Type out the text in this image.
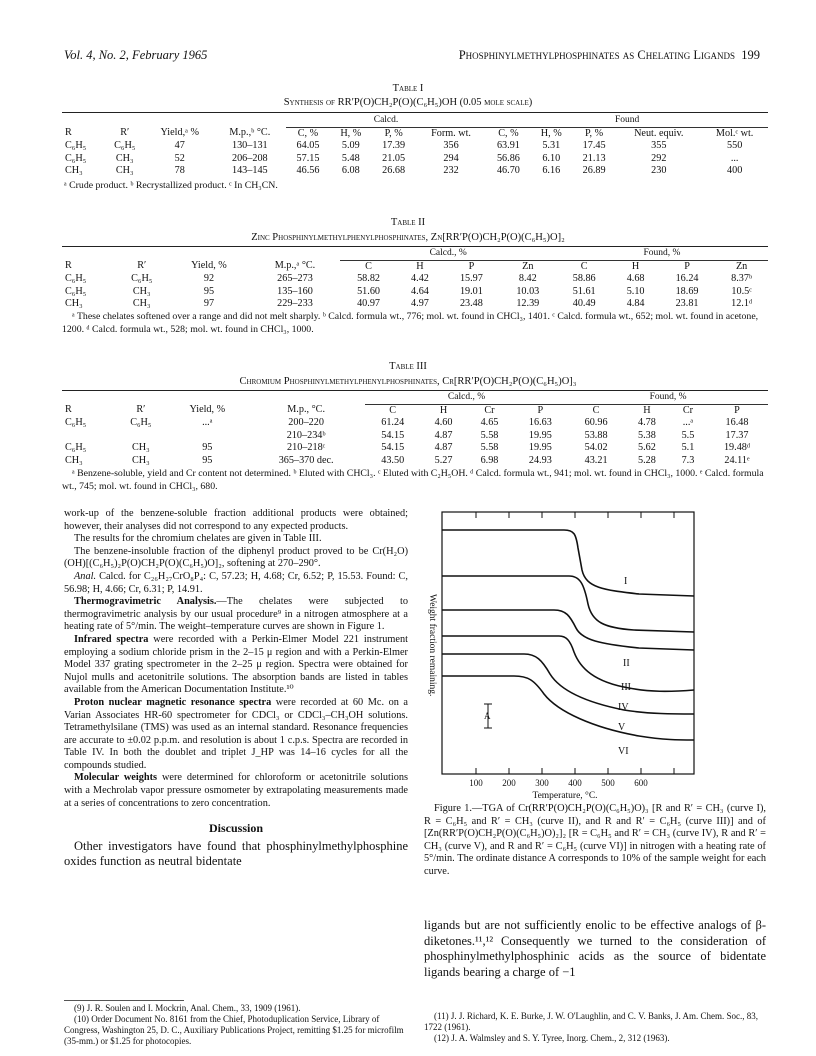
Vol. 4, No. 2, February 1965	Phosphinylmethylphosphinates as Chelating Ligands 199
Table I
Synthesis of RR′P(O)CH₂P(O)(C₆H₅)OH (0.05 mole scale)
				Calcd.				Found				
R	R′	Yield,ᵃ %	M.p.,ᵇ °C.	C, %	H, %	P, %	Form. wt.	C, %	H, %	P, %	Neut. equiv.	Mol.ᶜ wt.
C₆H₅	C₆H₅	47	130–131	64.05	5.09	17.39	356	63.91	5.31	17.45	355	550
C₆H₅	CH₃	52	206–208	57.15	5.48	21.05	294	56.86	6.10	21.13	292	...
CH₃	CH₃	78	143–145	46.56	6.08	26.68	232	46.70	6.16	26.89	230	400
ᵃ Crude product. ᵇ Recrystallized product. ᶜ In CH₃CN.
Table II
Zinc Phosphinylmethylphenylphosphinates, Zn[RR′P(O)CH₂P(O)(C₆H₅)O]₂
				Calcd., %				Found, %			
R	R′	Yield, %	M.p.,ᵃ °C.	C	H	P	Zn	C	H	P	Zn
C₆H₅	C₆H₅	92	265–273	58.82	4.42	15.97	8.42	58.86	4.68	16.24	8.37ᵇ
C₆H₅	CH₃	95	135–160	51.60	4.64	19.01	10.03	51.61	5.10	18.69	10.5ᶜ
CH₃	CH₃	97	229–233	40.97	4.97	23.48	12.39	40.49	4.84	23.81	12.1ᵈ
ᵃ These chelates softened over a range and did not melt sharply. ᵇ Calcd. formula wt., 776; mol. wt. found in CHCl₃, 1401. ᶜ Calcd. formula wt., 652; mol. wt. found in acetone, 1200. ᵈ Calcd. formula wt., 528; mol. wt. found in CHCl₃, 1000.
Table III
Chromium Phosphinylmethylphenylphosphinates, Cr[RR′P(O)CH₂P(O)(C₆H₅)O]₃
				Calcd., %				Found, %			
R	R′	Yield, %	M.p., °C.	C	H	Cr	P	C	H	Cr	P
C₆H₅	C₆H₅	...ᵃ	200–220	61.24	4.60	4.65	16.63	60.96	4.78	...ᵃ	16.48
			210–234ᵇ	54.15	4.87	5.58	19.95	53.88	5.38	5.5	17.37
C₆H₅	CH₃	95	210–218ᶜ	54.15	4.87	5.58	19.95	54.02	5.62	5.1	19.48ᵈ
CH₃	CH₃	95	365–370 dec.	43.50	5.27	6.98	24.93	43.21	5.28	7.3	24.11ᵉ
ᵃ Benzene-soluble, yield and Cr content not determined. ᵇ Eluted with CHCl₃. ᶜ Eluted with C₂H₅OH. ᵈ Calcd. formula wt., 941; mol. wt. found in CHCl₃, 1000. ᵉ Calcd. formula wt., 745; mol. wt. found in CHCl₃, 680.

work-up of the benzene-soluble fraction additional products were obtained; however, their analyses did not correspond to any expected products.

The results for the chromium chelates are given in Table III.

The benzene-insoluble fraction of the diphenyl product proved to be Cr(H₂O)(OH)[(C₆H₅)₂P(O)CH₂P(O)(C₆H₅)O]₂, softening at 270–290°.

Anal. Calcd. for C₂₆H₂₇CrO₈P₄: C, 57.23; H, 4.68; Cr, 6.52; P, 15.53. Found: C, 56.98; H, 4.66; Cr, 6.31; P, 14.91.

Thermogravimetric Analysis.—The chelates were subjected to thermogravimetric analysis by our usual procedure⁹ in a nitrogen atmosphere at a heating rate of 5°/min. The weight–temperature curves are shown in Figure 1.

Infrared spectra were recorded with a Perkin-Elmer Model 221 instrument employing a sodium chloride prism in the 2–15 μ region and with a Perkin-Elmer Model 337 grating spectrometer in the 2–25 μ region. Spectra were obtained for Nujol mulls and acetonitrile solutions. The absorption bands are listed in tables available from the American Documentation Institute.¹⁰

Proton nuclear magnetic resonance spectra were recorded at 60 Mc. on a Varian Associates HR-60 spectrometer for CDCl₃ or CDCl₃–CH₃OH solutions. Tetramethylsilane (TMS) was used as an internal standard. Resonance frequencies are accurate to ±0.02 p.p.m. and resolution is about 1 c.p.s. Spectra are recorded in Table IV. In both the doublet and triplet J_HP was 14–16 cycles for all the compounds studied.

Molecular weights were determined for chloroform or acetonitrile solutions with a Mechrolab vapor pressure osmometer by extrapolating measurements made at a series of concentrations to zero concentration.

Discussion

Other investigators have found that phosphinylmethylphosphine oxides function as neutral bidentate

I
II
III
IV
V
VI
A
Weight fraction remaining.
100 200 300 400 500 600
Temperature, °C.
Figure 1.—TGA of Cr(RR′P(O)CH₂P(O)(C₆H₅)O)₃ [R and R′ = CH₃ (curve I), R = C₆H₅ and R′ = CH₃ (curve II), and R and R′ = C₆H₅ (curve III)] and of [Zn(RR′P(O)CH₂P(O)(C₆H₅)O)₂]₂ [R = C₆H₅ and R′ = CH₃ (curve IV), R and R′ = CH₃ (curve V), and R and R′ = C₆H₅ (curve VI)] in nitrogen with a heating rate of 5°/min. The ordinate distance A corresponds to 10% of the sample weight for each curve.
ligands but are not sufficiently enolic to be effective analogs of β-diketones.¹¹,¹² Consequently we turned to the consideration of phosphinylmethylphosphinic acids as the source of bidentate ligands bearing a charge of −1

(9) J. R. Soulen and I. Mockrin, Anal. Chem., 33, 1909 (1961).

(10) Order Document No. 8161 from the Chief, Photoduplication Service, Library of Congress, Washington 25, D. C., Auxiliary Publications Project, remitting $1.25 for microfilm (35-mm.) or $1.25 for photocopies.

(11) J. J. Richard, K. E. Burke, J. W. O'Laughlin, and C. V. Banks, J. Am. Chem. Soc., 83, 1722 (1961).

(12) J. A. Walmsley and S. Y. Tyree, Inorg. Chem., 2, 312 (1963).
